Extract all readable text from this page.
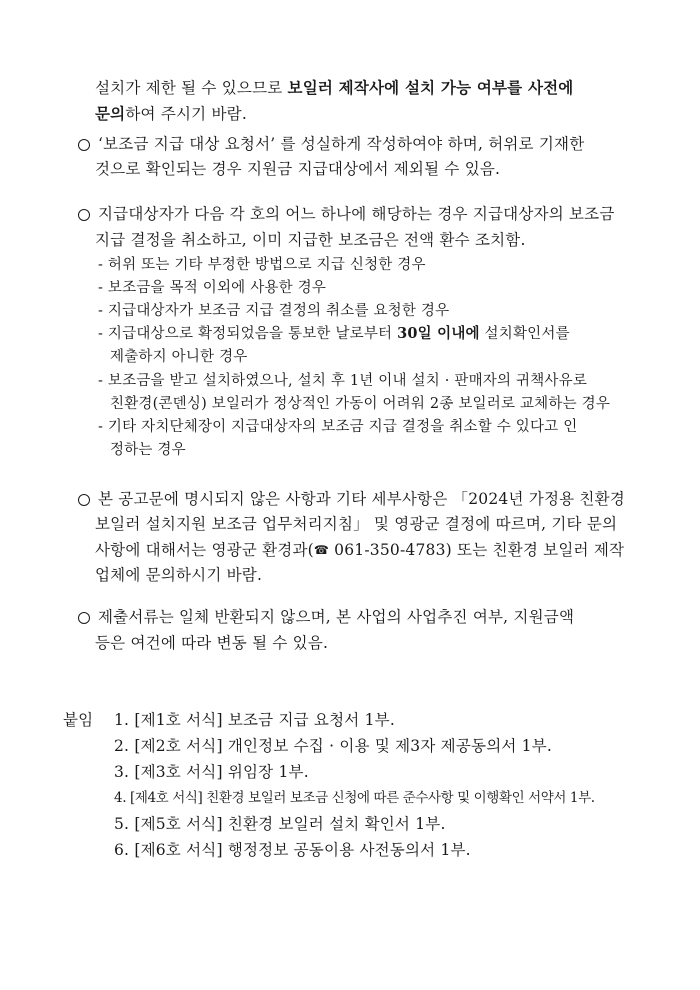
설치가 제한 될 수 있으므로 보일러 제작사에 설치 가능 여부를 사전에
문의하여 주시기 바람.
‘보조금 지급 대상 요청서’ 를 성실하게 작성하여야 하며, 허위로 기재한
것으로 확인되는 경우 지원금 지급대상에서 제외될 수 있음.
지급대상자가 다음 각 호의 어느 하나에 해당하는 경우 지급대상자의 보조금
지급 결정을 취소하고, 이미 지급한 보조금은 전액 환수 조치함.
- 허위 또는 기타 부정한 방법으로 지급 신청한 경우
- 보조금을 목적 이외에 사용한 경우
- 지급대상자가 보조금 지급 결정의 취소를 요청한 경우
- 지급대상으로 확정되었음을 통보한 날로부터 30일 이내에 설치확인서를
제출하지 아니한 경우
- 보조금을 받고 설치하였으나, 설치 후 1년 이내 설치 · 판매자의 귀책사유로
친환경(콘덴싱) 보일러가 정상적인 가동이 어려워 2종 보일러로 교체하는 경우
- 기타 자치단체장이 지급대상자의 보조금 지급 결정을 취소할 수 있다고 인
정하는 경우
본 공고문에 명시되지 않은 사항과 기타 세부사항은 「2024년 가정용 친환경
보일러 설치지원 보조금 업무처리지침」 및 영광군 결정에 따르며, 기타 문의
사항에 대해서는 영광군 환경과(☎ 061-350-4783) 또는 친환경 보일러 제작
업체에 문의하시기 바람.
제출서류는 일체 반환되지 않으며, 본 사업의 사업추진 여부, 지원금액
등은 여건에 따라 변동 될 수 있음.
붙임 1. [제1호 서식] 보조금 지급 요청서 1부.
2. [제2호 서식] 개인정보 수집 · 이용 및 제3자 제공동의서 1부.
3. [제3호 서식] 위임장 1부.
4. [제4호 서식] 친환경 보일러 보조금 신청에 따른 준수사항 및 이행확인 서약서 1부.
5. [제5호 서식] 친환경 보일러 설치 확인서 1부.
6. [제6호 서식] 행정정보 공동이용 사전동의서 1부.
